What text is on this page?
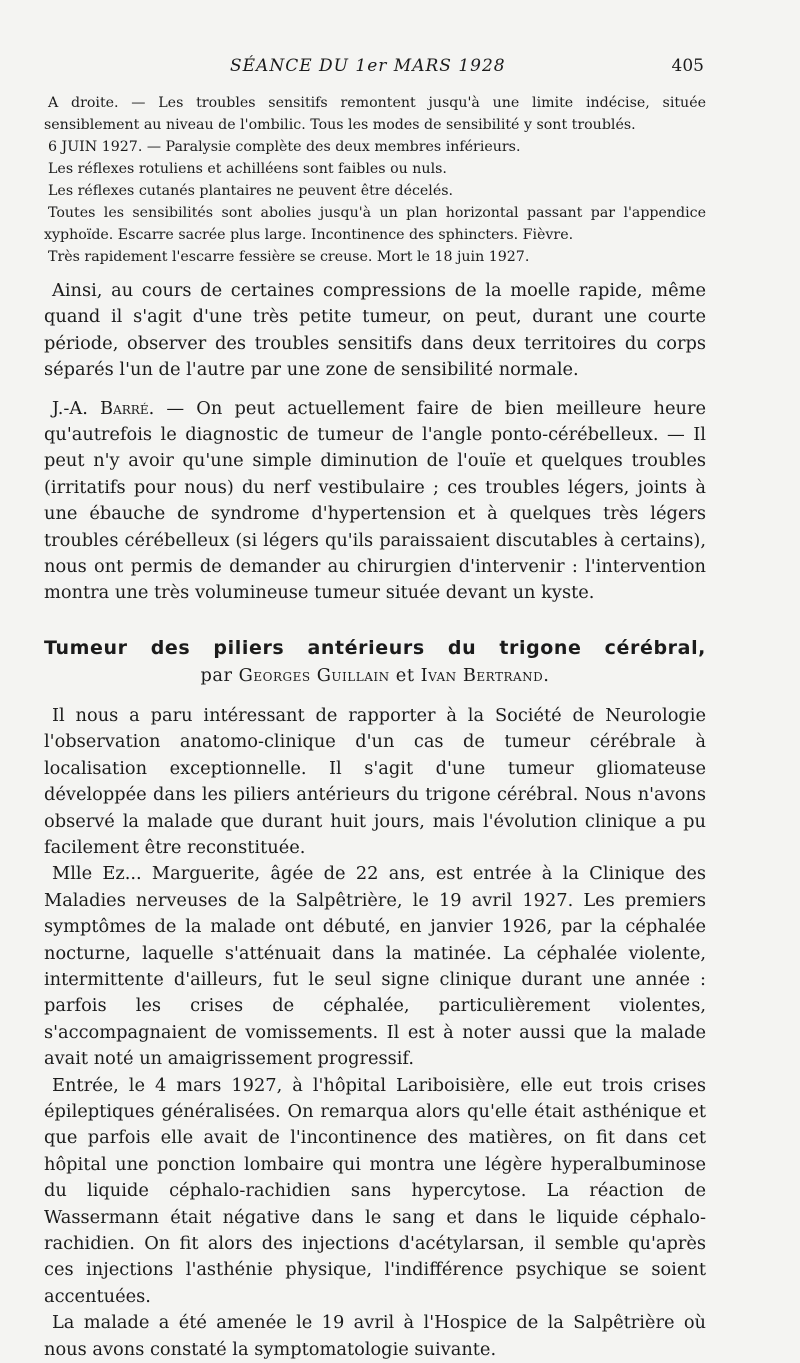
SÉANCE DU 1er MARS 1928	405

A droite. — Les troubles sensitifs remontent jusqu'à une limite indécise, située sensiblement au niveau de l'ombilic. Tous les modes de sensibilité y sont troublés.

6 JUIN 1927. — Paralysie complète des deux membres inférieurs.

Les réflexes rotuliens et achilléens sont faibles ou nuls.

Les réflexes cutanés plantaires ne peuvent être décelés.

Toutes les sensibilités sont abolies jusqu'à un plan horizontal passant par l'appendice xyphoïde. Escarre sacrée plus large. Incontinence des sphincters. Fièvre.

Très rapidement l'escarre fessière se creuse. Mort le 18 juin 1927.

Ainsi, au cours de certaines compressions de la moelle rapide, même quand il s'agit d'une très petite tumeur, on peut, durant une courte période, observer des troubles sensitifs dans deux territoires du corps séparés l'un de l'autre par une zone de sensibilité normale.

J.-A. Barré. — On peut actuellement faire de bien meilleure heure qu'autrefois le diagnostic de tumeur de l'angle ponto-cérébelleux. — Il peut n'y avoir qu'une simple diminution de l'ouïe et quelques troubles (irritatifs pour nous) du nerf vestibulaire ; ces troubles légers, joints à une ébauche de syndrome d'hypertension et à quelques très légers troubles cérébelleux (si légers qu'ils paraissaient discutables à certains), nous ont permis de demander au chirurgien d'intervenir : l'intervention montra une très volumineuse tumeur située devant un kyste.

Tumeur des piliers antérieurs du trigone cérébral,
par Georges Guillain et Ivan Bertrand.

Il nous a paru intéressant de rapporter à la Société de Neurologie l'observation anatomo-clinique d'un cas de tumeur cérébrale à localisation exceptionnelle. Il s'agit d'une tumeur gliomateuse développée dans les piliers antérieurs du trigone cérébral. Nous n'avons observé la malade que durant huit jours, mais l'évolution clinique a pu facilement être reconstituée.

Mlle Ez... Marguerite, âgée de 22 ans, est entrée à la Clinique des Maladies nerveuses de la Salpêtrière, le 19 avril 1927. Les premiers symptômes de la malade ont débuté, en janvier 1926, par la céphalée nocturne, laquelle s'atténuait dans la matinée. La céphalée violente, intermittente d'ailleurs, fut le seul signe clinique durant une année : parfois les crises de céphalée, particulièrement violentes, s'accompagnaient de vomissements. Il est à noter aussi que la malade avait noté un amaigrissement progressif.

Entrée, le 4 mars 1927, à l'hôpital Lariboisière, elle eut trois crises épileptiques généralisées. On remarqua alors qu'elle était asthénique et que parfois elle avait de l'incontinence des matières, on fit dans cet hôpital une ponction lombaire qui montra une légère hyperalbuminose du liquide céphalo-rachidien sans hypercytose. La réaction de Wassermann était négative dans le sang et dans le liquide céphalo-rachidien. On fit alors des injections d'acétylarsan, il semble qu'après ces injections l'asthénie physique, l'indifférence psychique se soient accentuées.

La malade a été amenée le 19 avril à l'Hospice de la Salpêtrière où nous avons constaté la symptomatologie suivante.
